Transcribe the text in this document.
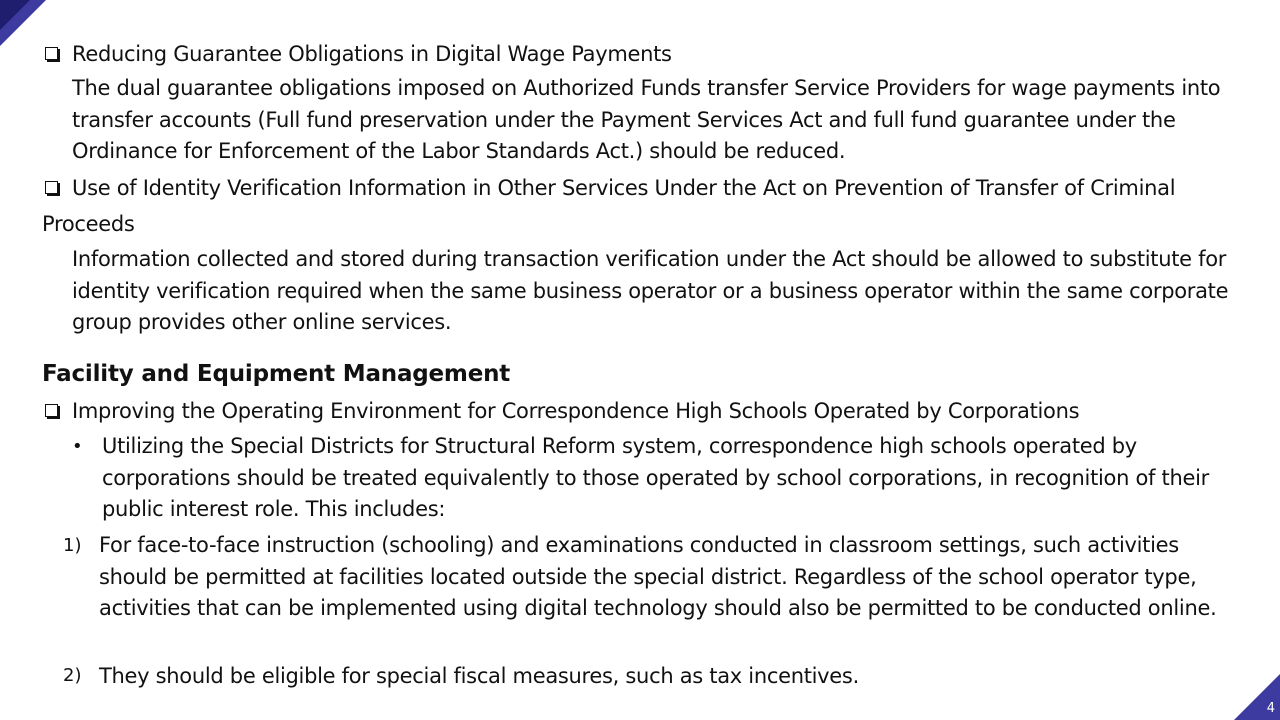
4
Reducing Guarantee Obligations in Digital Wage Payments
The dual guarantee obligations imposed on Authorized Funds transfer Service Providers for wage payments into transfer accounts (Full fund preservation under the Payment Services Act and full fund guarantee under the Ordinance for Enforcement of the Labor Standards Act.) should be reduced.
Use of Identity Verification Information in Other Services Under the Act on Prevention of Transfer of Criminal
Proceeds
Information collected and stored during transaction verification under the Act should be allowed to substitute for identity verification required when the same business operator or a business operator within the same corporate group provides other online services.
Facility and Equipment Management
Improving the Operating Environment for Correspondence High Schools Operated by Corporations
• Utilizing the Special Districts for Structural Reform system, correspondence high schools operated by corporations should be treated equivalently to those operated by school corporations, in recognition of their public interest role. This includes:
1) For face-to-face instruction (schooling) and examinations conducted in classroom settings, such activities should be permitted at facilities located outside the special district. Regardless of the school operator type, activities that can be implemented using digital technology should also be permitted to be conducted online.
2) They should be eligible for special fiscal measures, such as tax incentives.
